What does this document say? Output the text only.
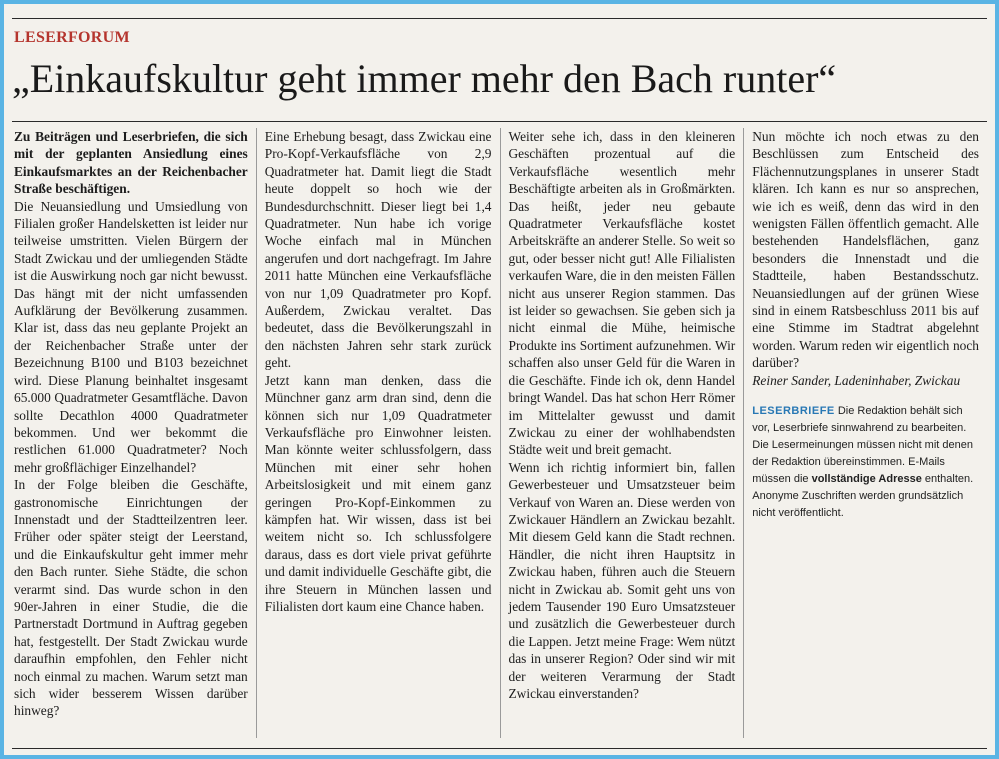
LESERFORUM
„Einkaufskultur geht immer mehr den Bach runter“

Zu Beiträgen und Leserbriefen, die sich mit der geplanten Ansiedlung eines Einkaufsmarktes an der Reichenbacher Straße beschäftigen.

Die Neuansiedlung und Umsiedlung von Filialen großer Handelsketten ist leider nur teilweise umstritten. Vielen Bürgern der Stadt Zwickau und der umliegenden Städte ist die Auswirkung noch gar nicht bewusst. Das hängt mit der nicht umfassenden Aufklärung der Bevölkerung zusammen. Klar ist, dass das neu geplante Projekt an der Reichenbacher Straße unter der Bezeichnung B100 und B103 bezeichnet wird. Diese Planung beinhaltet insgesamt 65.000 Quadratmeter Gesamtfläche. Davon sollte Decathlon 4000 Quadratmeter bekommen. Und wer bekommt die restlichen 61.000 Quadratmeter? Noch mehr großflächiger Einzelhandel?

In der Folge bleiben die Geschäfte, gastronomische Einrichtungen der Innenstadt und der Stadtteilzentren leer. Früher oder später steigt der Leerstand, und die Einkaufskultur geht immer mehr den Bach runter. Siehe Städte, die schon verarmt sind. Das wurde schon in den 90er-Jahren in einer Studie, die die Partnerstadt Dortmund in Auftrag gegeben hat, festgestellt. Der Stadt Zwickau wurde daraufhin empfohlen, den Fehler nicht noch einmal zu machen. Warum setzt man sich wider besserem Wissen darüber hinweg?

Eine Erhebung besagt, dass Zwickau eine Pro-Kopf-Verkaufsfläche von 2,9 Quadratmeter hat. Damit liegt die Stadt heute doppelt so hoch wie der Bundesdurchschnitt. Dieser liegt bei 1,4 Quadratmeter. Nun habe ich vorige Woche einfach mal in München angerufen und dort nachgefragt. Im Jahre 2011 hatte München eine Verkaufsfläche von nur 1,09 Quadratmeter pro Kopf. Außerdem, Zwickau veraltet. Das bedeutet, dass die Bevölkerungszahl in den nächsten Jahren sehr stark zurück geht.

Jetzt kann man denken, dass die Münchner ganz arm dran sind, denn die können sich nur 1,09 Quadratmeter Verkaufsfläche pro Einwohner leisten. Man könnte weiter schlussfolgern, dass München mit einer sehr hohen Arbeitslosigkeit und mit einem ganz geringen Pro-Kopf-Einkommen zu kämpfen hat. Wir wissen, dass ist bei weitem nicht so. Ich schlussfolgere daraus, dass es dort viele privat geführte und damit individuelle Geschäfte gibt, die ihre Steuern in München lassen und Filialisten dort kaum eine Chance haben.

Weiter sehe ich, dass in den kleineren Geschäften prozentual auf die Verkaufsfläche wesentlich mehr Beschäftigte arbeiten als in Großmärkten. Das heißt, jeder neu gebaute Quadratmeter Verkaufsfläche kostet Arbeitskräfte an anderer Stelle. So weit so gut, oder besser nicht gut! Alle Filialisten verkaufen Ware, die in den meisten Fällen nicht aus unserer Region stammen. Das ist leider so gewachsen. Sie geben sich ja nicht einmal die Mühe, heimische Produkte ins Sortiment aufzunehmen. Wir schaffen also unser Geld für die Waren in die Geschäfte. Finde ich ok, denn Handel bringt Wandel. Das hat schon Herr Römer im Mittelalter gewusst und damit Zwickau zu einer der wohlhabendsten Städte weit und breit gemacht.

Wenn ich richtig informiert bin, fallen Gewerbesteuer und Umsatzsteuer beim Verkauf von Waren an. Diese werden von Zwickauer Händlern an Zwickau bezahlt. Mit diesem Geld kann die Stadt rechnen. Händler, die nicht ihren Hauptsitz in Zwickau haben, führen auch die Steuern nicht in Zwickau ab. Somit geht uns von jedem Tausender 190 Euro Umsatzsteuer und zusätzlich die Gewerbesteuer durch die Lappen. Jetzt meine Frage: Wem nützt das in unserer Region? Oder sind wir mit der weiteren Verarmung der Stadt Zwickau einverstanden?

Nun möchte ich noch etwas zu den Beschlüssen zum Entscheid des Flächennutzungsplanes in unserer Stadt klären. Ich kann es nur so ansprechen, wie ich es weiß, denn das wird in den wenigsten Fällen öffentlich gemacht. Alle bestehenden Handelsflächen, ganz besonders die Innenstadt und die Stadtteile, haben Bestandsschutz. Neuansiedlungen auf der grünen Wiese sind in einem Ratsbeschluss 2011 bis auf eine Stimme im Stadtrat abgelehnt worden. Warum reden wir eigentlich noch darüber?

Reiner Sander, Ladeninhaber, Zwickau

LESERBRIEFE Die Redaktion behält sich vor, Leserbriefe sinnwahrend zu bearbeiten. Die Lesermeinungen müssen nicht mit denen der Redaktion übereinstimmen. E-Mails müssen die vollständige Adresse enthalten. Anonyme Zuschriften werden grundsätzlich nicht veröffentlicht.
